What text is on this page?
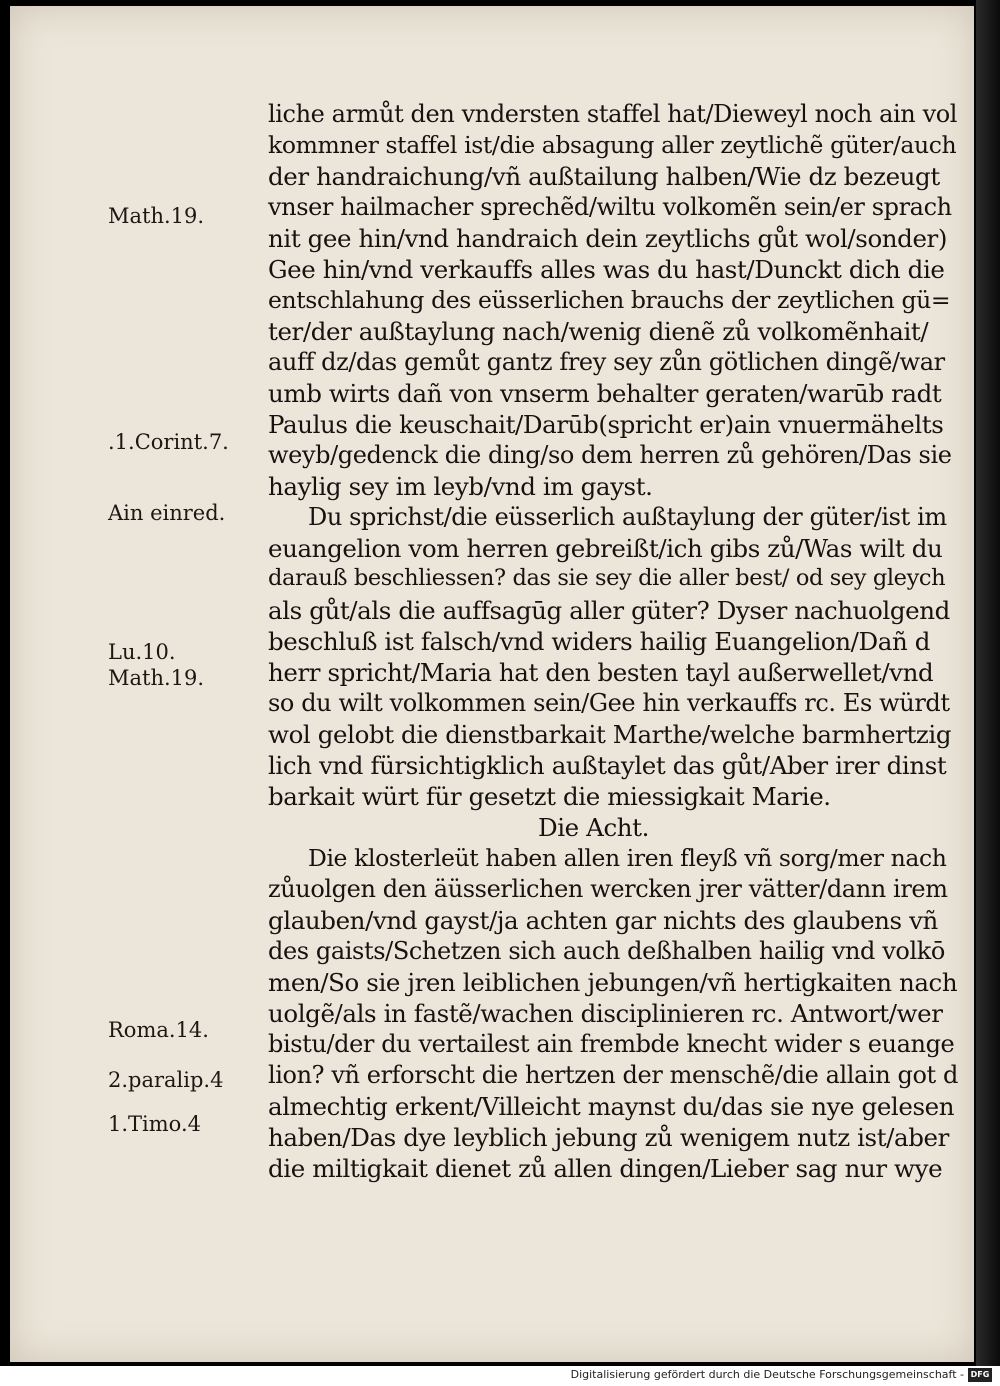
Math.19.
.1.Corint.7.
Ain einred.
Lu.10.
Math.19.
Roma.14.
2.paralip.4
1.Timo.4
liche armůt den vndersten staffel hat/Dieweyl noch ain vol
kommner staffel ist/die absagung aller zeytlichẽ güter/auch
der handraichung/vñ außtailung halben/Wie dz bezeugt
vnser hailmacher sprechẽd/wiltu volkomẽn sein/er sprach
nit gee hin/vnd handraich dein zeytlichs gůt wol/sonder)
Gee hin/vnd verkauffs alles was du hast/Dunckt dich die
entschlahung des eüsserlichen brauchs der zeytlichen gü=
ter/der außtaylung nach/wenig dienẽ zů volkomẽnhait/
auff dz/das gemůt gantz frey sey zůn götlichen dingẽ/war
umb wirts dañ von vnserm behalter geraten/warūb radt
Paulus die keuschait/Darūb(spricht er)ain vnuermähelts
weyb/gedenck die ding/so dem herren zů gehören/Das sie
haylig sey im leyb/vnd im gayst.
Du sprichst/die eüsserlich außtaylung der güter/ist im
euangelion vom herren gebreißt/ich gibs zů/Was wilt du
darauß beschliessen? das sie sey die aller best/ od sey gleych
als gůt/als die auffsagūg aller güter? Dyser nachuolgend
beschluß ist falsch/vnd widers hailig Euangelion/Dañ d
herr spricht/Maria hat den besten tayl außerwellet/vnd
so du wilt volkommen sein/Gee hin verkauffs rc. Es würdt
wol gelobt die dienstbarkait Marthe/welche barmhertzig
lich vnd fürsichtigklich außtaylet das gůt/Aber irer dinst
barkait würt für gesetzt die miessigkait Marie.
Die Acht.
Die klosterleüt haben allen iren fleyß vñ sorg/mer nach
zůuolgen den äüsserlichen wercken jrer vätter/dann irem
glauben/vnd gayst/ja achten gar nichts des glaubens vñ
des gaists/Schetzen sich auch deßhalben hailig vnd volkō
men/So sie jren leiblichen jebungen/vñ hertigkaiten nach
uolgẽ/als in fastẽ/wachen disciplinieren rc. Antwort/wer
bistu/der du vertailest ain frembde knecht wider s euange
lion? vñ erforscht die hertzen der menschẽ/die allain got d
almechtig erkent/Villeicht maynst du/das sie nye gelesen
haben/Das dye leyblich jebung zů wenigem nutz ist/aber
die miltigkait dienet zů allen dingen/Lieber sag nur wye
Digitalisierung gefördert durch die Deutsche Forschungsgemeinschaft - DFG
